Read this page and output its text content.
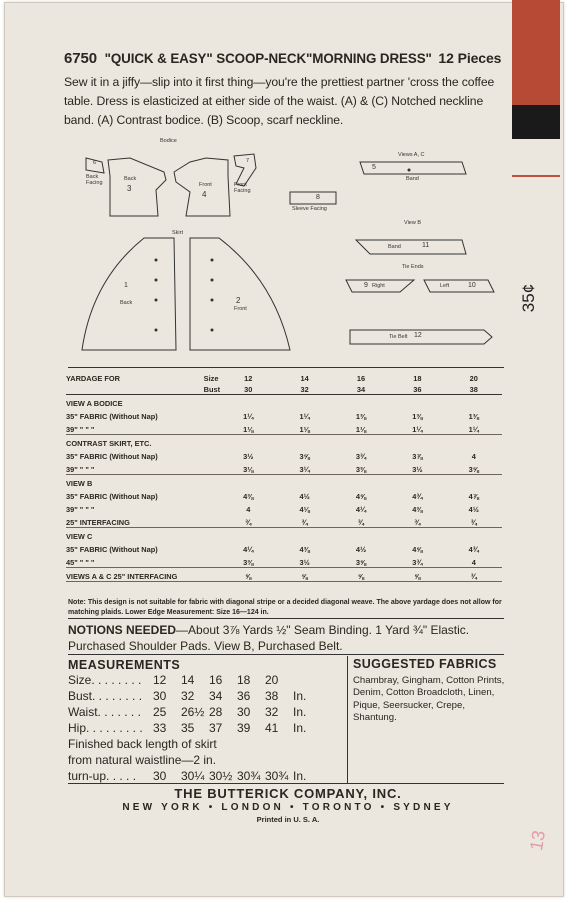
35¢
13
6750 "QUICK & EASY" SCOOP-NECK"MORNING DRESS" 12 Pieces
Sew it in a jiffy—slip into it first thing—you're the prettiest partner 'cross the coffee table. Dress is elasticized at either side of the waist. (A) & (C) Notched neckline band. (A) Contrast bodice. (B) Scoop, scarf neckline.
Bodice
6
Back Facing
Back
3	Front
4
7
Front Facing
8
Sleeve Facing
Views A, C
5
Band
View B
Band	11
Tie Ends
9 Right	Left	10
Skirt
1
Back	2
Front
Tie Belt 12
YARDAGE FOR	Size	12	14	16	18	20
	Bust	30	32	34	36	38
VIEW A BODICE						
35" FABRIC (Without Nap)		1¼	1¼	1⅜	1⅜	1⅜
39" " " "		1⅛	1⅛	1⅛	1¼	1¼
CONTRAST SKIRT, ETC.						
35" FABRIC (Without Nap)		3½	3⅝	3¾	3⅞	4
39" " " "		3⅛	3¼	3⅜	3½	3⅝
VIEW B						
35" FABRIC (Without Nap)		4⅜	4½	4⅝	4¾	4⅞
39" " " "		4	4⅛	4¼	4⅜	4½
25" INTERFACING		¾	¾	¾	¾	¾
VIEW C						
35" FABRIC (Without Nap)		4¼	4⅜	4½	4⅝	4¾
45" " " "		3⅜	3½	3⅝	3¾	4
VIEWS A & C 25" INTERFACING		⅝	⅝	⅝	⅝	¾
Note: This design is not suitable for fabric with diagonal stripe or a decided diagonal weave. The above yardage does not allow for matching plaids. Lower Edge Measurement: Size 16—124 in.
NOTIONS NEEDED—About 3⅞ Yards ½" Seam Binding. 1 Yard ¾" Elastic. Purchased Shoulder Pads. View B, Purchased Belt.
MEASUREMENTS
Size. . . . . . . . 12	14	16	18	20
Bust. . . . . . . . 30	32	34	36	38	In.
Waist. . . . . . .	25	26½ 28	30	32	In.
Hip. . . . . . . . . 33	35	37	39	41	In.
Finished back length of skirt
from natural waistline—2 in.
turn-up. . . . .	30	30¼ 30½ 30¾ 30¾ In.
SUGGESTED FABRICS
Chambray, Gingham, Cotton Prints, Denim, Cotton Broadcloth, Linen, Pique, Seersucker, Crepe, Shantung.
THE BUTTERICK COMPANY, INC.
NEW YORK • LONDON • TORONTO • SYDNEY
Printed in U. S. A.
